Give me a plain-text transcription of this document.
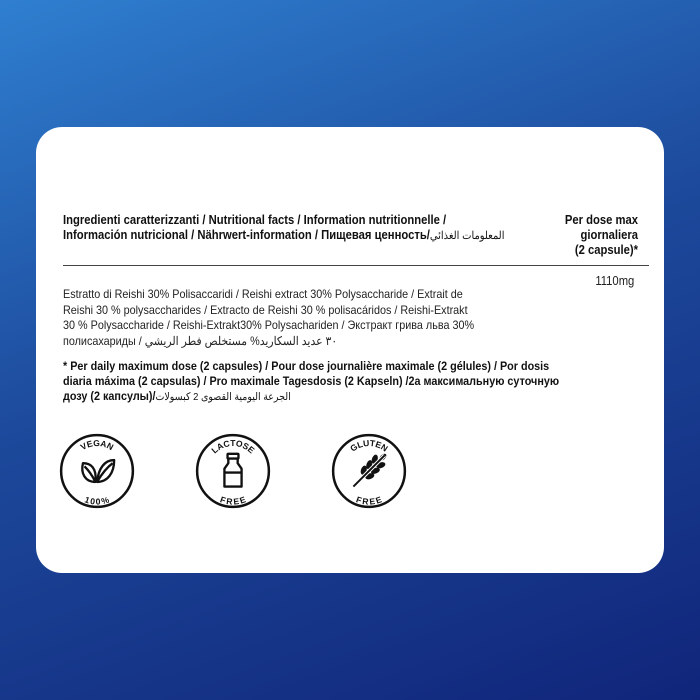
Ingredienti caratterizzanti / Nutritional facts / Information nutritionnelle /
Información nutricional / Nährwert-information / Пищевая ценность/المعلومات الغذائي
Per dose max
giornaliera
(2 capsule)*
1110mg
Estratto di Reishi 30% Polisaccaridi / Reishi extract 30% Polysaccharide / Extrait de
Reishi 30 % polysaccharides / Extracto de Reishi 30 % polisacáridos / Reishi-Extrakt
30 % Polysaccharide / Reishi-Extrakt30% Polysachariden / Экстракт грива льва 30%
полисахариды / ٣٠ عديد السكاريد% مستخلص فطر الريشي
* Per daily maximum dose (2 capsules) / Pour dose journalière maximale (2 gélules) / Por dosis
diaria máxima (2 capsulas) / Pro maximale Tagesdosis (2 Kapseln) /2a максимальную суточную
дозу (2 капсулы)/الجرعة اليومية القصوى 2 كبسولات
VEGAN
100%
LACTOSE
FREE
GLUTEN
FREE
